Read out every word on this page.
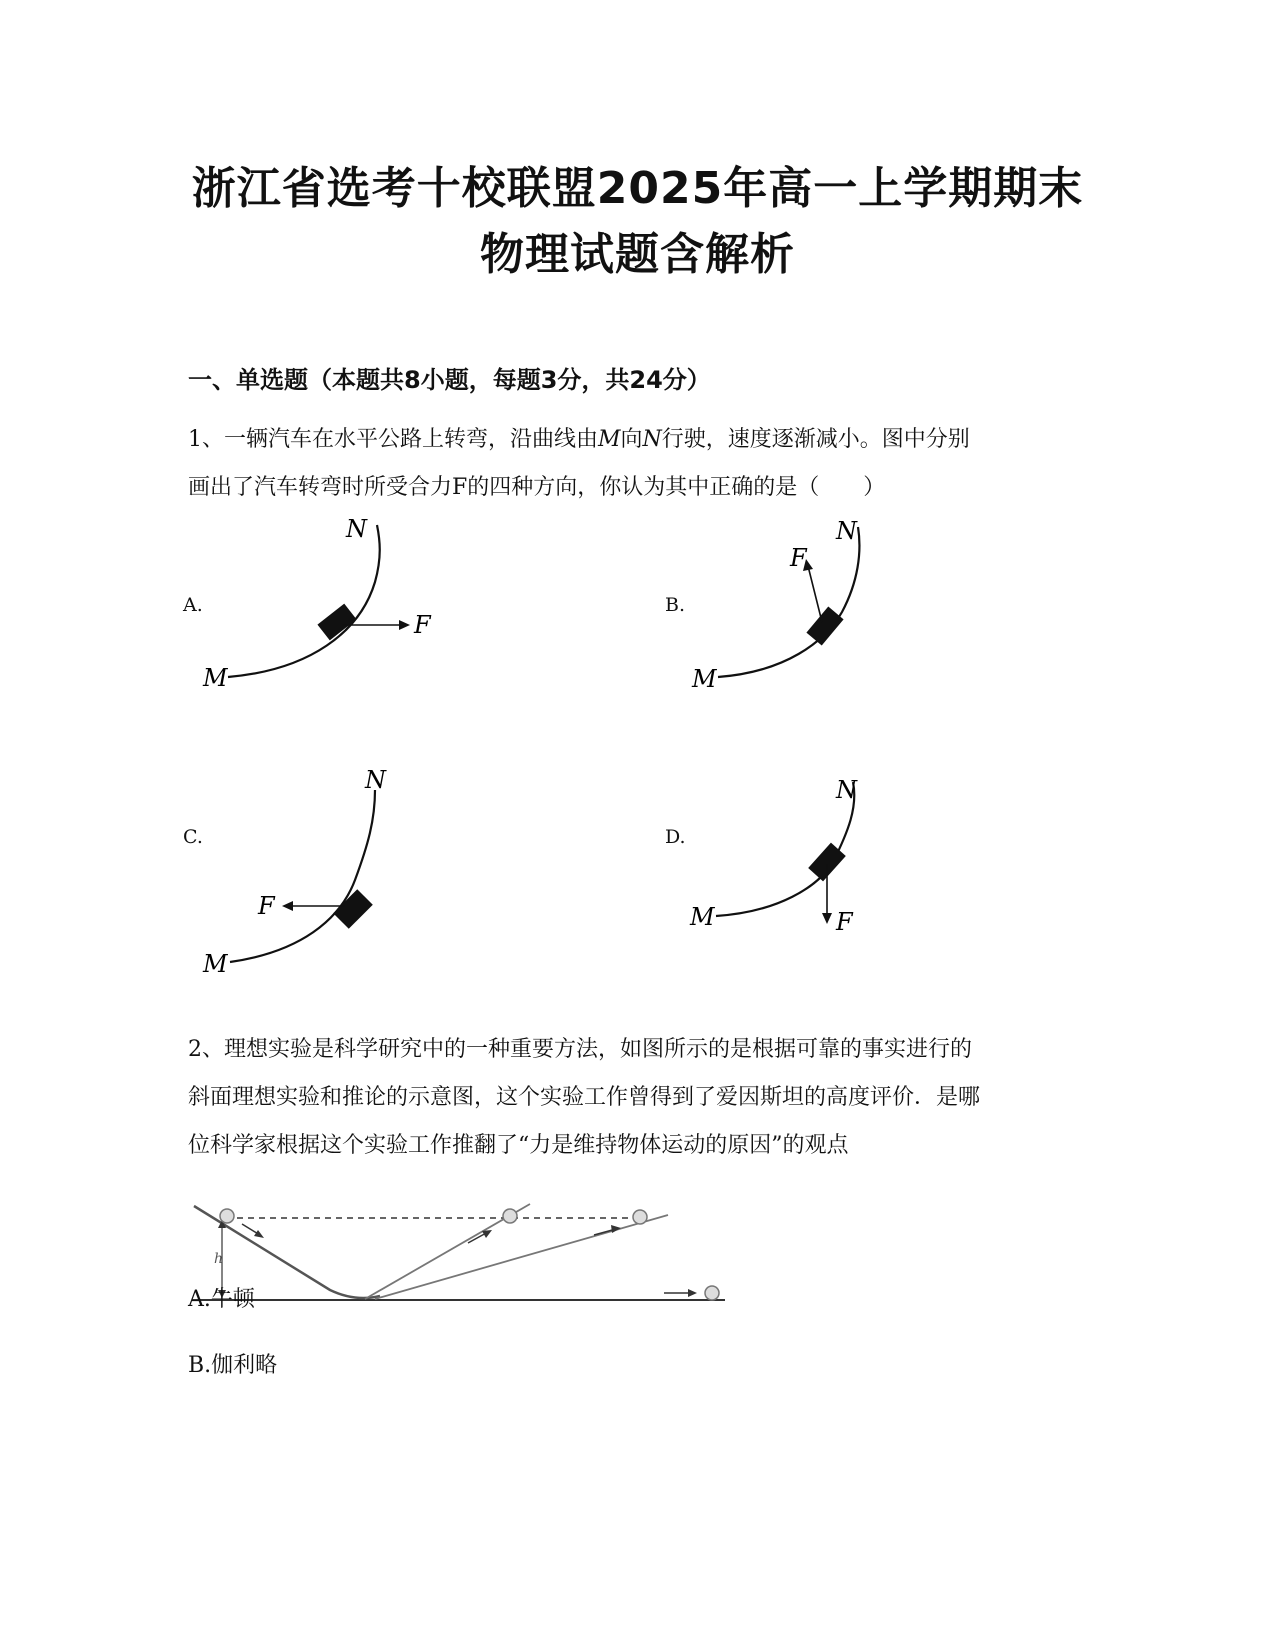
浙江省选考十校联盟2025年高一上学期期末
物理试题含解析
一、单选题（本题共8小题，每题3分，共24分）
1、一辆汽车在水平公路上转弯，沿曲线由M向N行驶，速度逐渐减小。图中分别
画出了汽车转弯时所受合力F的四种方向，你认为其中正确的是（　　）
A.
N
M
F
B.
N
M
F
C.
N
M
F
D.
N
M	F
2、理想实验是科学研究中的一种重要方法，如图所示的是根据可靠的事实进行的
斜面理想实验和推论的示意图，这个实验工作曾得到了爱因斯坦的高度评价．是哪
位科学家根据这个实验工作推翻了“力是维持物体运动的原因”的观点
h
A.牛顿
B.伽利略
